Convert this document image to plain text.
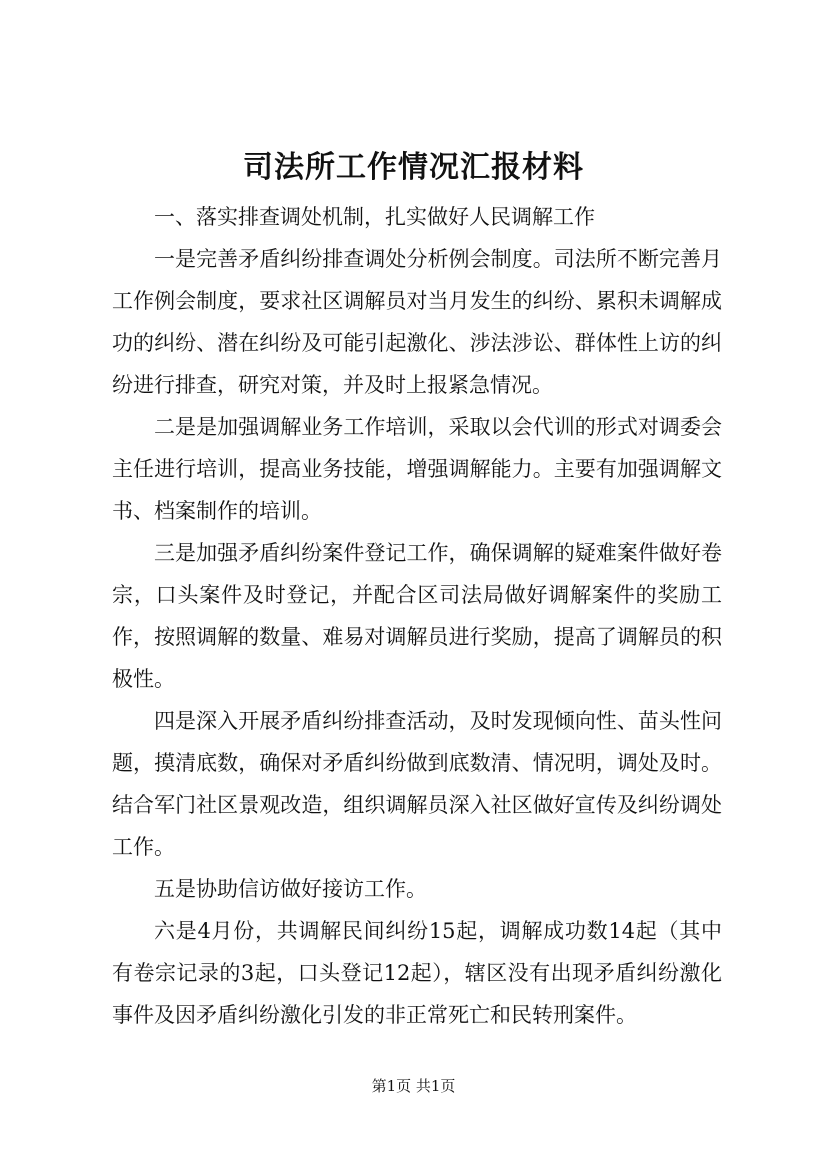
司法所工作情况汇报材料

一、落实排查调处机制，扎实做好人民调解工作

一是完善矛盾纠纷排查调处分析例会制度。司法所不断完善月工作例会制度，要求社区调解员对当月发生的纠纷、累积未调解成功的纠纷、潜在纠纷及可能引起激化、涉法涉讼、群体性上访的纠纷进行排查，研究对策，并及时上报紧急情况。

二是是加强调解业务工作培训，采取以会代训的形式对调委会主任进行培训，提高业务技能，增强调解能力。主要有加强调解文书、档案制作的培训。

三是加强矛盾纠纷案件登记工作，确保调解的疑难案件做好卷宗，口头案件及时登记，并配合区司法局做好调解案件的奖励工作，按照调解的数量、难易对调解员进行奖励，提高了调解员的积极性。

四是深入开展矛盾纠纷排查活动，及时发现倾向性、苗头性问题，摸清底数，确保对矛盾纠纷做到底数清、情况明，调处及时。结合军门社区景观改造，组织调解员深入社区做好宣传及纠纷调处工作。

五是协助信访做好接访工作。

六是4月份，共调解民间纠纷15起，调解成功数14起（其中有卷宗记录的3起，口头登记12起），辖区没有出现矛盾纠纷激化事件及因矛盾纠纷激化引发的非正常死亡和民转刑案件。

第1页 共1页
